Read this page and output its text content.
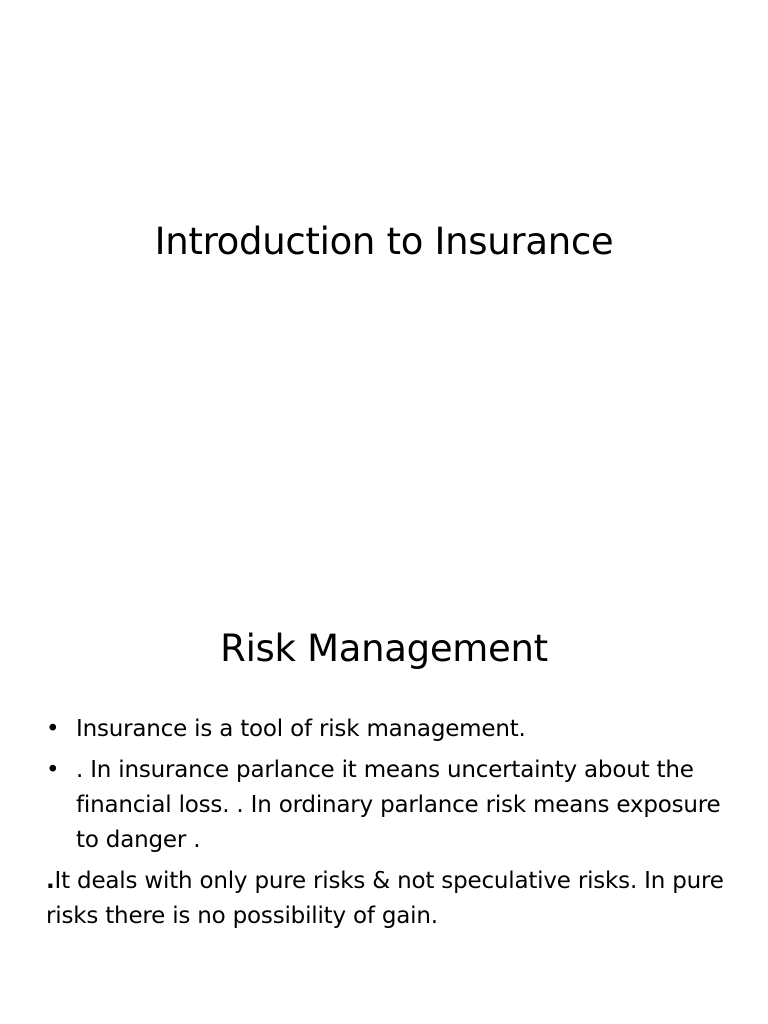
Introduction to Insurance
Risk Management
• Insurance is a tool of risk management.
• . In insurance parlance it means uncertainty about the financial loss. . In ordinary parlance risk means exposure to danger .

.It deals with only pure risks & not speculative risks. In pure risks there is no possibility of gain.
